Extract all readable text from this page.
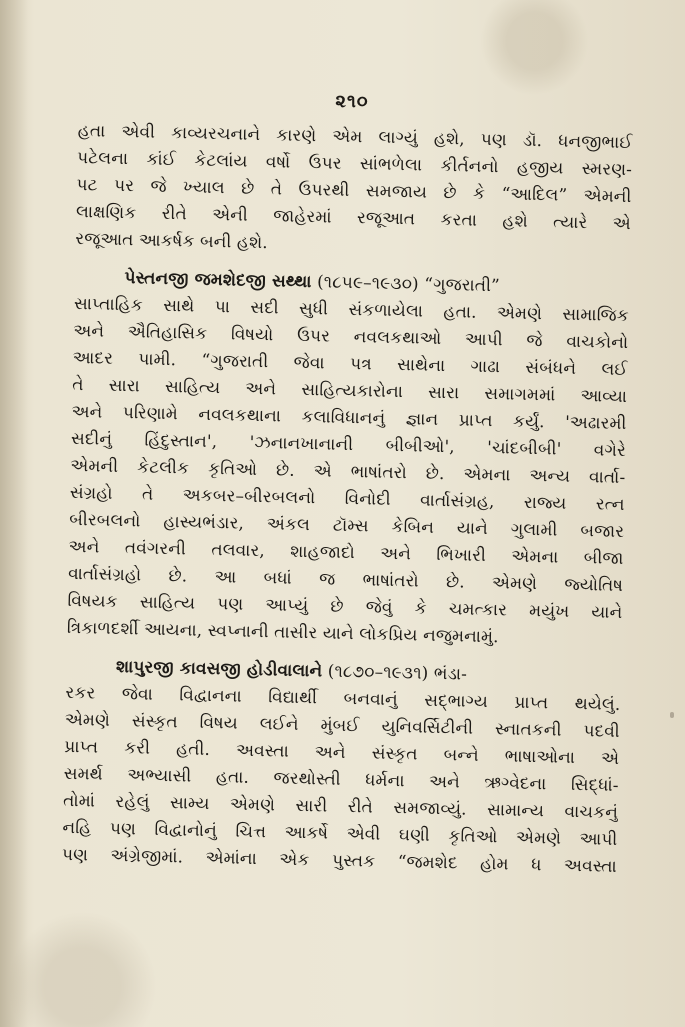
૨૧૦
હતા એવી કાવ્યરચનાને કારણે એમ લાગ્યું હશે, પણ ડૉ. ધનજીભાઈ
પટેલના કાંઈ કેટલાંય વર્ષો ઉપર સાંભળેલા કીર્તનનો હજીય સ્મરણ-
પટ પર જે ખ્યાલ છે તે ઉપરથી સમજાય છે કે “આદિલ” એમની
લાક્ષણિક રીતે એની જાહેરમાં રજૂઆત કરતા હશે ત્યારે એ
રજૂઆત આકર્ષક બની હશે.
પેસ્તનજી જમશેદજી સથ્થા (૧૮૫૯–૧૯૩૦) “ગુજરાતી”
સાપ્તાહિક સાથે પા સદી સુધી સંકળાયેલા હતા. એમણે સામાજિક
અને ઐતિહાસિક વિષયો ઉપર નવલકથાઓ આપી જે વાચકોનો
આદર પામી. “ગુજરાતી જેવા પત્ર સાથેના ગાઢા સંબંધને લઈ
તે સારા સાહિત્ય અને સાહિત્યકારોના સારા સમાગમમાં આવ્યા
અને પરિણામે નવલકથાના કલાવિધાનનું જ્ઞાન પ્રાપ્ત કર્યું. 'અઢારમી
સદીનું હિંદુસ્તાન', 'ઝનાનખાનાની બીબીઓ', 'ચાંદબીબી' વગેરે
એમની કેટલીક કૃતિઓ છે. એ ભાષાંતરો છે. એમના અન્ય વાર્તા-
સંગ્રહો તે અકબર–બીરબલનો વિનોદી વાર્તાસંગ્રહ, રાજ્ય રત્ન
બીરબલનો હાસ્યભંડાર, અંકલ ટૉમ્સ કેબિન યાને ગુલામી બજાર
અને તવંગરની તલવાર, શાહજાદો અને ભિખારી એમના બીજા
વાર્તાસંગ્રહો છે. આ બધાં જ ભાષાંતરો છે. એમણે જ્યોતિષ
વિષયક સાહિત્ય પણ આપ્યું છે જેવું કે ચમત્કાર મયુંખ યાને
ત્રિકાળદર્શી આયના, સ્વપ્નાની તાસીર યાને લોકપ્રિય નજુમનામું.
શાપુરજી કાવસજી હોડીવાલાને (૧૮૭૦–૧૯૩૧) ભંડા-
રકર જેવા વિદ્વાનના વિદ્યાર્થી બનવાનું સદ્ભાગ્ય પ્રાપ્ત થયેલું.
એમણે સંસ્કૃત વિષય લઈને મુંબઈ યુનિવર્સિટીની સ્નાતકની પદવી
પ્રાપ્ત કરી હતી. અવસ્તા અને સંસ્કૃત બન્ને ભાષાઓના એ
સમર્થ અભ્યાસી હતા. જરથોસ્તી ધર્મના અને ઋગ્વેદના સિદ્ધાં-
તોમાં રહેલું સામ્ય એમણે સારી રીતે સમજાવ્યું. સામાન્ય વાચકનું
નહિ પણ વિદ્વાનોનું ચિત્ત આકર્ષે એવી ઘણી કૃતિઓ એમણે આપી
પણ અંગ્રેજીમાં. એમાંના એક પુસ્તક “જમશેદ હોમ ધ અવસ્તા
